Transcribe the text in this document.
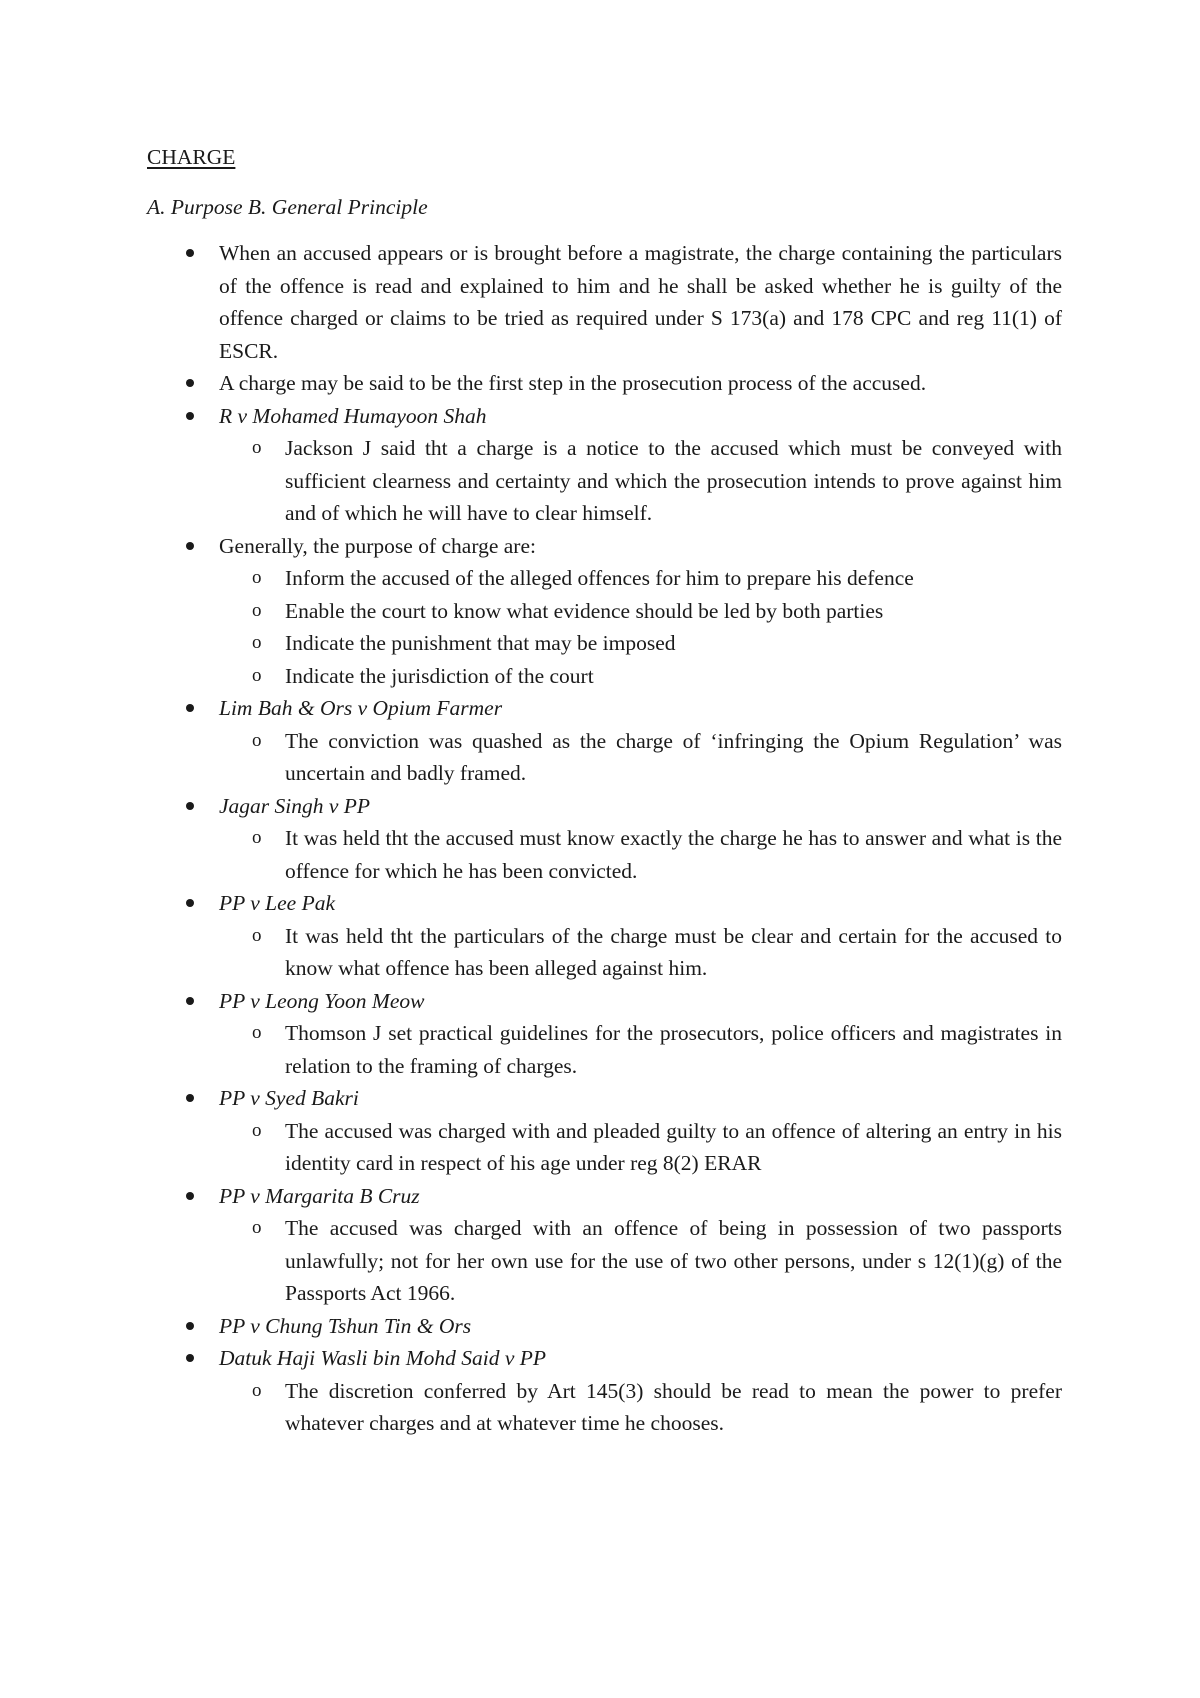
CHARGE

A. Purpose B. General Principle

When an accused appears or is brought before a magistrate, the charge containing the particulars of the offence is read and explained to him and he shall be asked whether he is guilty of the offence charged or claims to be tried as required under S 173(a) and 178 CPC and reg 11(1) of ESCR.
A charge may be said to be the first step in the prosecution process of the accused.
R v Mohamed Humayoon Shah
o Jackson J said tht a charge is a notice to the accused which must be conveyed with sufficient clearness and certainty and which the prosecution intends to prove against him and of which he will have to clear himself.
Generally, the purpose of charge are:
o Inform the accused of the alleged offences for him to prepare his defence
o Enable the court to know what evidence should be led by both parties
o Indicate the punishment that may be imposed
o Indicate the jurisdiction of the court
Lim Bah & Ors v Opium Farmer
o The conviction was quashed as the charge of ‘infringing the Opium Regulation’ was uncertain and badly framed.
Jagar Singh v PP
o It was held tht the accused must know exactly the charge he has to answer and what is the offence for which he has been convicted.
PP v Lee Pak
o It was held tht the particulars of the charge must be clear and certain for the accused to know what offence has been alleged against him.
PP v Leong Yoon Meow
o Thomson J set practical guidelines for the prosecutors, police officers and magistrates in relation to the framing of charges.
PP v Syed Bakri
o The accused was charged with and pleaded guilty to an offence of altering an entry in his identity card in respect of his age under reg 8(2) ERAR
PP v Margarita B Cruz
o The accused was charged with an offence of being in possession of two passports unlawfully; not for her own use for the use of two other persons, under s 12(1)(g) of the Passports Act 1966.
PP v Chung Tshun Tin & Ors
Datuk Haji Wasli bin Mohd Said v PP
o The discretion conferred by Art 145(3) should be read to mean the power to prefer whatever charges and at whatever time he chooses.
